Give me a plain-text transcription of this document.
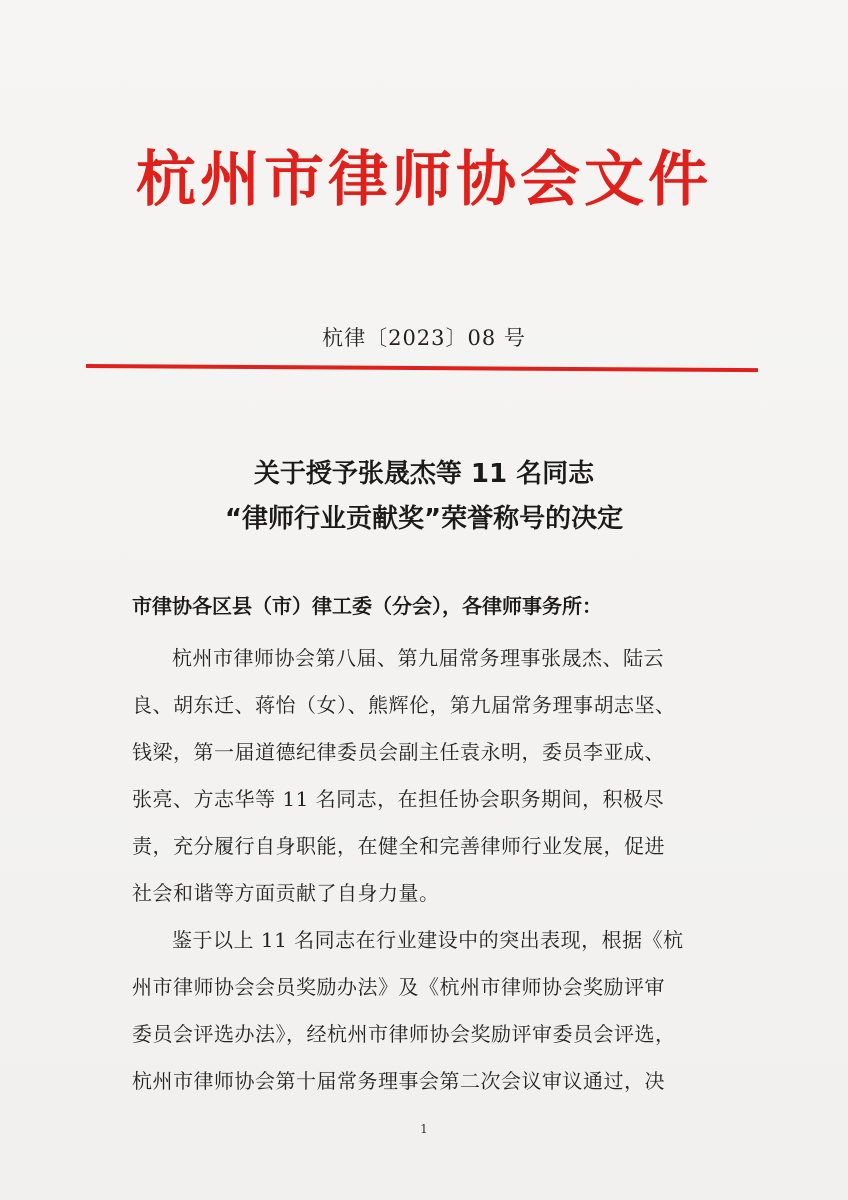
杭州市律师协会文件
杭律〔2023〕08 号
关于授予张晟杰等 11 名同志
“律师行业贡献奖”荣誉称号的决定
市律协各区县（市）律工委（分会），各律师事务所：
杭州市律师协会第八届、第九届常务理事张晟杰、陆云
良、胡东迁、蒋怡（女）、熊辉伦，第九届常务理事胡志坚、
钱梁，第一届道德纪律委员会副主任袁永明，委员李亚成、
张亮、方志华等 11 名同志，在担任协会职务期间，积极尽
责，充分履行自身职能，在健全和完善律师行业发展，促进
社会和谐等方面贡献了自身力量。
鉴于以上 11 名同志在行业建设中的突出表现，根据《杭
州市律师协会会员奖励办法》及《杭州市律师协会奖励评审
委员会评选办法》，经杭州市律师协会奖励评审委员会评选，
杭州市律师协会第十届常务理事会第二次会议审议通过，决
1
